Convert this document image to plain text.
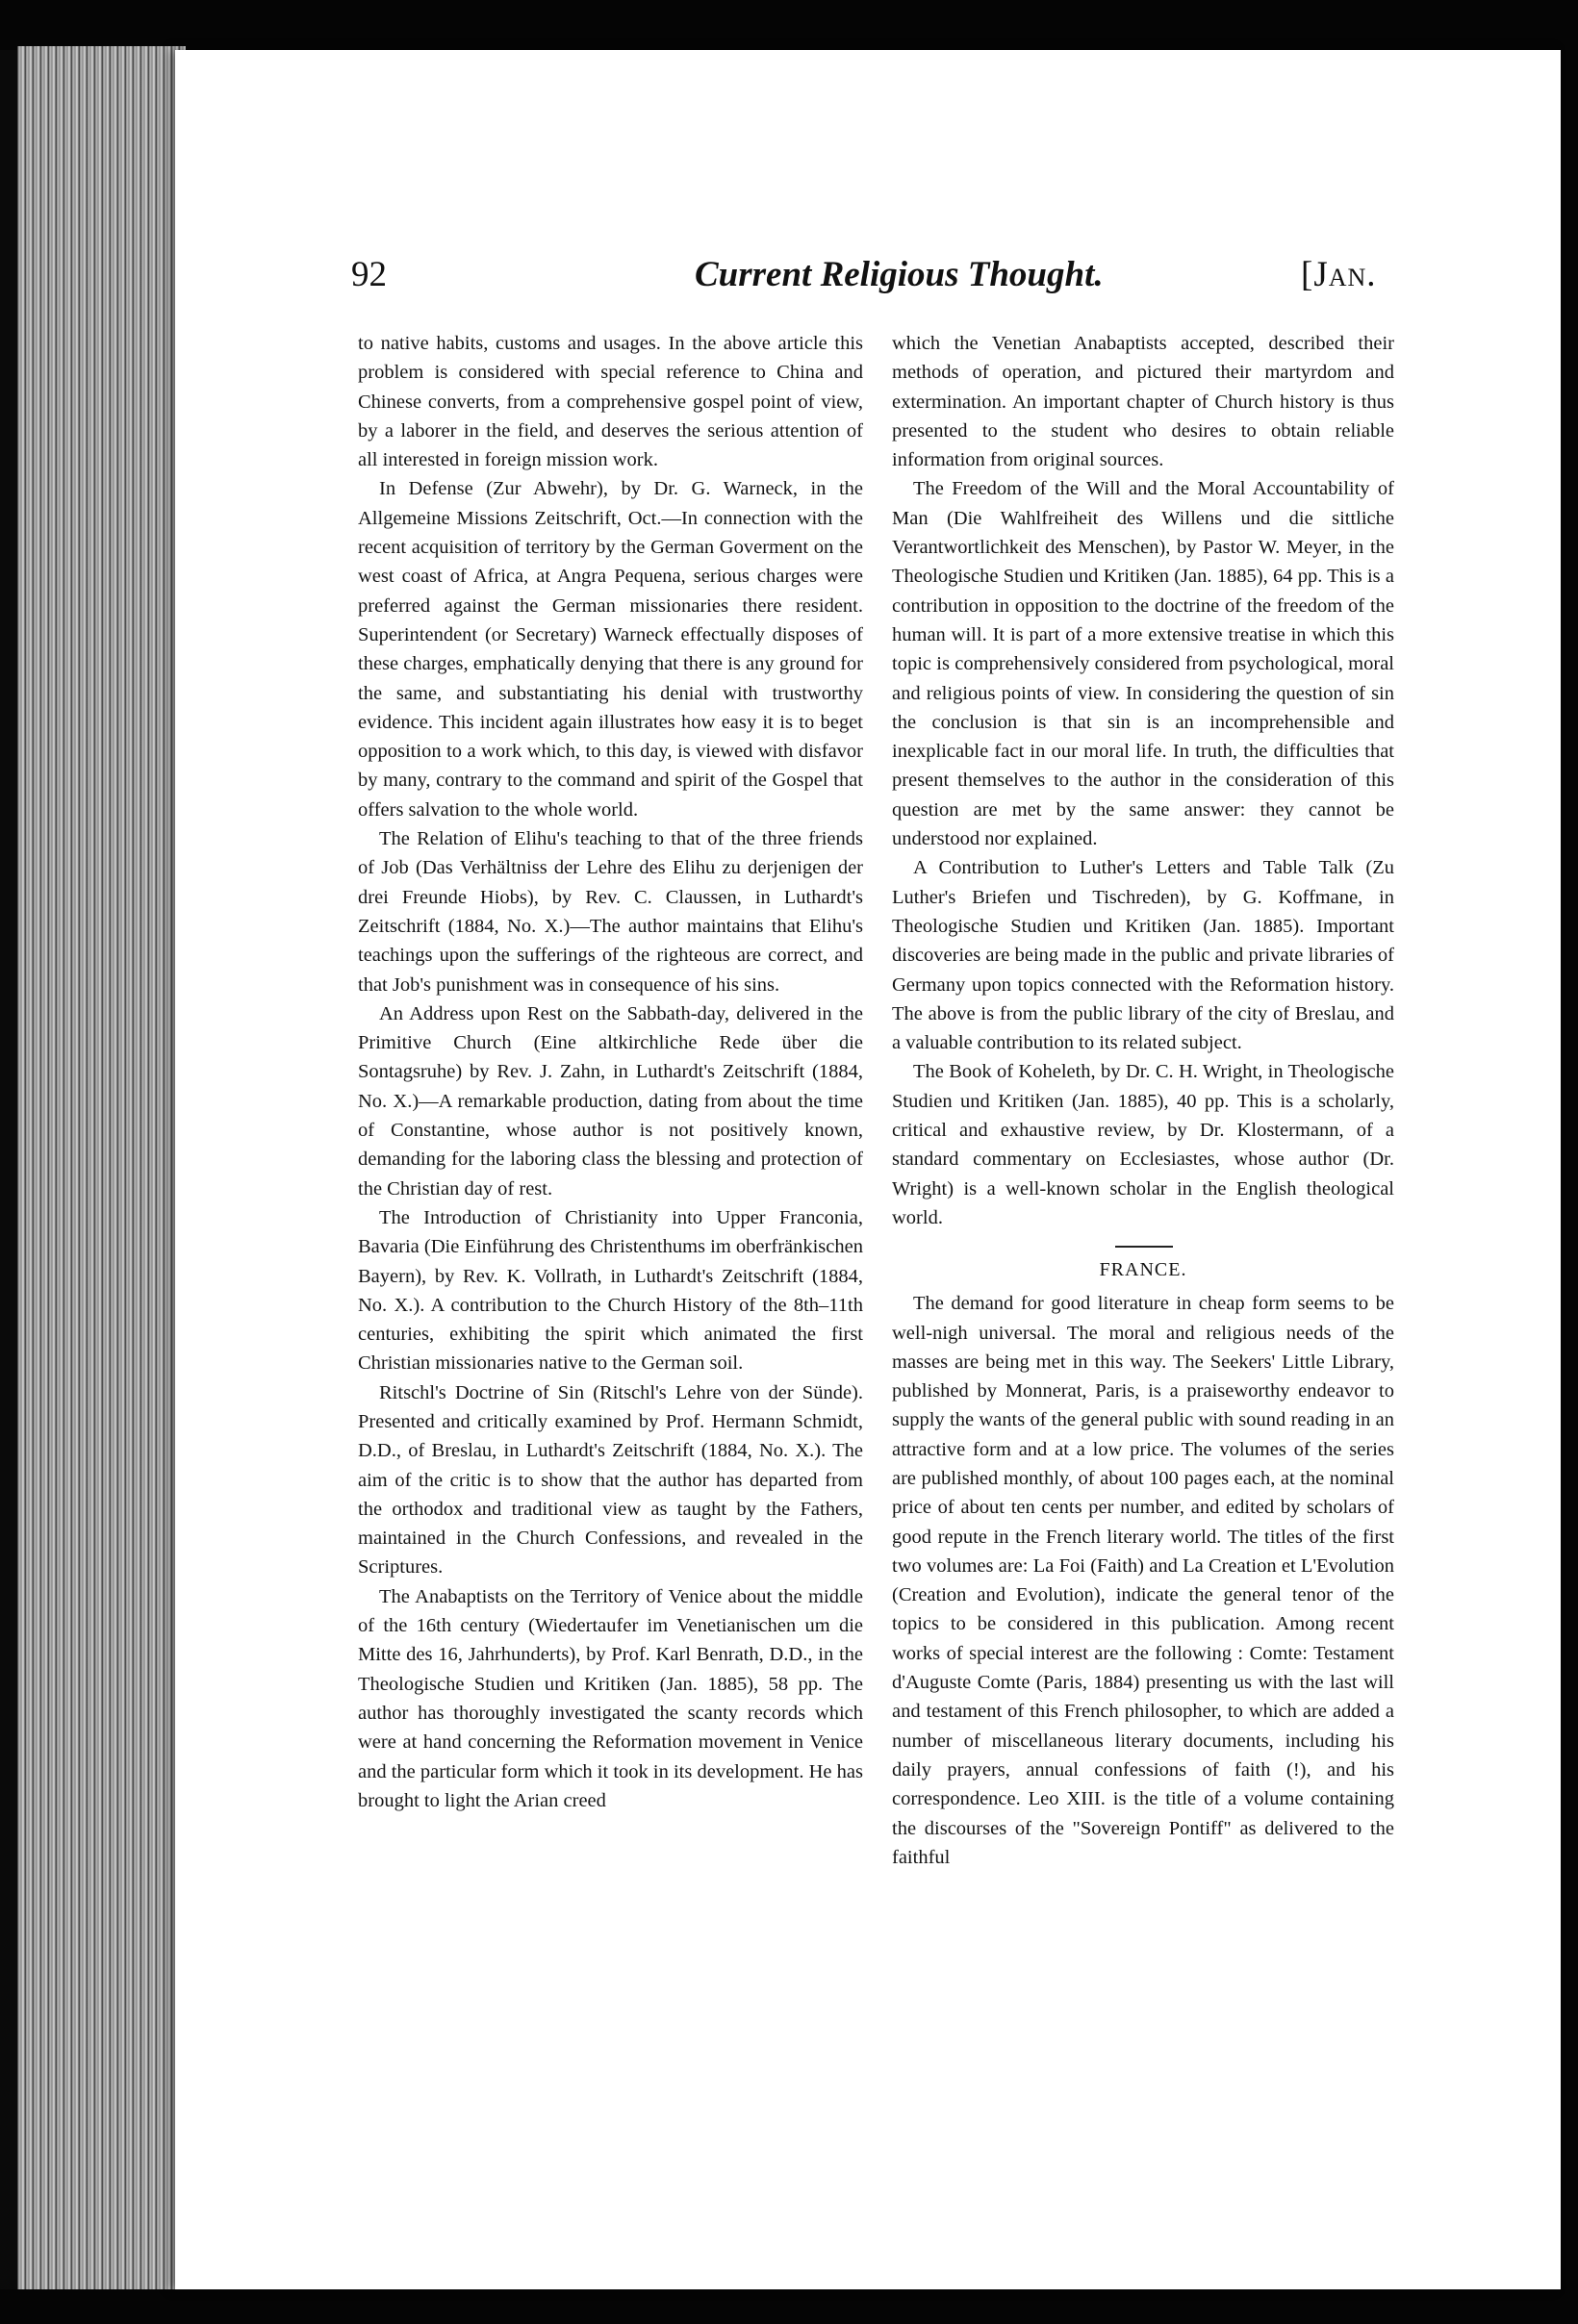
92	Current Religious Thought.	[Jan.

to native habits, customs and usages. In the above article this problem is considered with special reference to China and Chinese converts, from a comprehensive gospel point of view, by a laborer in the field, and deserves the serious attention of all interested in foreign mission work.

In Defense (Zur Abwehr), by Dr. G. Warneck, in the Allgemeine Missions Zeitschrift, Oct.—In connection with the recent acquisition of territory by the German Goverment on the west coast of Africa, at Angra Pequena, serious charges were preferred against the German missionaries there resident. Superintendent (or Secretary) Warneck effectually disposes of these charges, emphatically denying that there is any ground for the same, and substantiating his denial with trustworthy evidence. This incident again illustrates how easy it is to beget opposition to a work which, to this day, is viewed with disfavor by many, contrary to the command and spirit of the Gospel that offers salvation to the whole world.

The Relation of Elihu's teaching to that of the three friends of Job (Das Verhältniss der Lehre des Elihu zu derjenigen der drei Freunde Hiobs), by Rev. C. Claussen, in Luthardt's Zeitschrift (1884, No. X.)—The author maintains that Elihu's teachings upon the sufferings of the righteous are correct, and that Job's punishment was in consequence of his sins.

An Address upon Rest on the Sabbath-day, delivered in the Primitive Church (Eine altkirchliche Rede über die Sontagsruhe) by Rev. J. Zahn, in Luthardt's Zeitschrift (1884, No. X.)—A remarkable production, dating from about the time of Constantine, whose author is not positively known, demanding for the laboring class the blessing and protection of the Christian day of rest.

The Introduction of Christianity into Upper Franconia, Bavaria (Die Einführung des Christenthums im oberfränkischen Bayern), by Rev. K. Vollrath, in Luthardt's Zeitschrift (1884, No. X.). A contribution to the Church History of the 8th–11th centuries, exhibiting the spirit which animated the first Christian missionaries native to the German soil.

Ritschl's Doctrine of Sin (Ritschl's Lehre von der Sünde). Presented and critically examined by Prof. Hermann Schmidt, D.D., of Breslau, in Luthardt's Zeitschrift (1884, No. X.). The aim of the critic is to show that the author has departed from the orthodox and traditional view as taught by the Fathers, maintained in the Church Confessions, and revealed in the Scriptures.

The Anabaptists on the Territory of Venice about the middle of the 16th century (Wiedertaufer im Venetianischen um die Mitte des 16, Jahrhunderts), by Prof. Karl Benrath, D.D., in the Theologische Studien und Kritiken (Jan. 1885), 58 pp. The author has thoroughly investigated the scanty records which were at hand concerning the Reformation movement in Venice and the particular form which it took in its development. He has brought to light the Arian creed

which the Venetian Anabaptists accepted, described their methods of operation, and pictured their martyrdom and extermination. An important chapter of Church history is thus presented to the student who desires to obtain reliable information from original sources.

The Freedom of the Will and the Moral Accountability of Man (Die Wahlfreiheit des Willens und die sittliche Verantwortlichkeit des Menschen), by Pastor W. Meyer, in the Theologische Studien und Kritiken (Jan. 1885), 64 pp. This is a contribution in opposition to the doctrine of the freedom of the human will. It is part of a more extensive treatise in which this topic is comprehensively considered from psychological, moral and religious points of view. In considering the question of sin the conclusion is that sin is an incomprehensible and inexplicable fact in our moral life. In truth, the difficulties that present themselves to the author in the consideration of this question are met by the same answer: they cannot be understood nor explained.

A Contribution to Luther's Letters and Table Talk (Zu Luther's Briefen und Tischreden), by G. Koffmane, in Theologische Studien und Kritiken (Jan. 1885). Important discoveries are being made in the public and private libraries of Germany upon topics connected with the Reformation history. The above is from the public library of the city of Breslau, and a valuable contribution to its related subject.

The Book of Koheleth, by Dr. C. H. Wright, in Theologische Studien und Kritiken (Jan. 1885), 40 pp. This is a scholarly, critical and exhaustive review, by Dr. Klostermann, of a standard commentary on Ecclesiastes, whose author (Dr. Wright) is a well-known scholar in the English theological world.

FRANCE.

The demand for good literature in cheap form seems to be well-nigh universal. The moral and religious needs of the masses are being met in this way. The Seekers' Little Library, published by Monnerat, Paris, is a praiseworthy endeavor to supply the wants of the general public with sound reading in an attractive form and at a low price. The volumes of the series are published monthly, of about 100 pages each, at the nominal price of about ten cents per number, and edited by scholars of good repute in the French literary world. The titles of the first two volumes are: La Foi (Faith) and La Creation et L'Evolution (Creation and Evolution), indicate the general tenor of the topics to be considered in this publication. Among recent works of special interest are the following : Comte: Testament d'Auguste Comte (Paris, 1884) presenting us with the last will and testament of this French philosopher, to which are added a number of miscellaneous literary documents, including his daily prayers, annual confessions of faith (!), and his correspondence. Leo XIII. is the title of a volume containing the discourses of the "Sovereign Pontiff" as delivered to the faithful
